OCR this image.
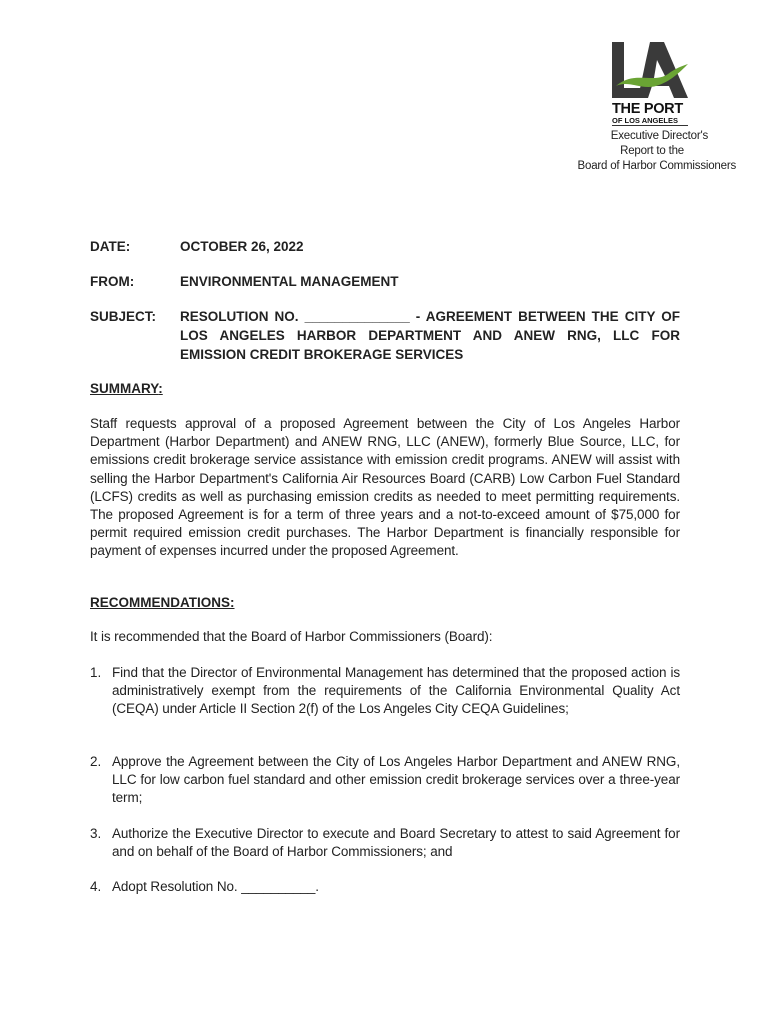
THE PORT
OF LOS ANGELES
Executive Director's
Report to the
Board of Harbor Commissioners
DATE:	OCTOBER 26, 2022
FROM:	ENVIRONMENTAL MANAGEMENT
SUBJECT: RESOLUTION NO. ______________ - AGREEMENT BETWEEN THE CITY OF LOS ANGELES HARBOR DEPARTMENT AND ANEW RNG, LLC FOR EMISSION CREDIT BROKERAGE SERVICES
SUMMARY:
Staff requests approval of a proposed Agreement between the City of Los Angeles Harbor Department (Harbor Department) and ANEW RNG, LLC (ANEW), formerly Blue Source, LLC, for emissions credit brokerage service assistance with emission credit programs. ANEW will assist with selling the Harbor Department's California Air Resources Board (CARB) Low Carbon Fuel Standard (LCFS) credits as well as purchasing emission credits as needed to meet permitting requirements. The proposed Agreement is for a term of three years and a not-to-exceed amount of $75,000 for permit required emission credit purchases. The Harbor Department is financially responsible for payment of expenses incurred under the proposed Agreement.
RECOMMENDATIONS:
It is recommended that the Board of Harbor Commissioners (Board):
1. Find that the Director of Environmental Management has determined that the proposed action is administratively exempt from the requirements of the California Environmental Quality Act (CEQA) under Article II Section 2(f) of the Los Angeles City CEQA Guidelines;
2. Approve the Agreement between the City of Los Angeles Harbor Department and ANEW RNG, LLC for low carbon fuel standard and other emission credit brokerage services over a three-year term;
3. Authorize the Executive Director to execute and Board Secretary to attest to said Agreement for and on behalf of the Board of Harbor Commissioners; and
4. Adopt Resolution No. __________.
